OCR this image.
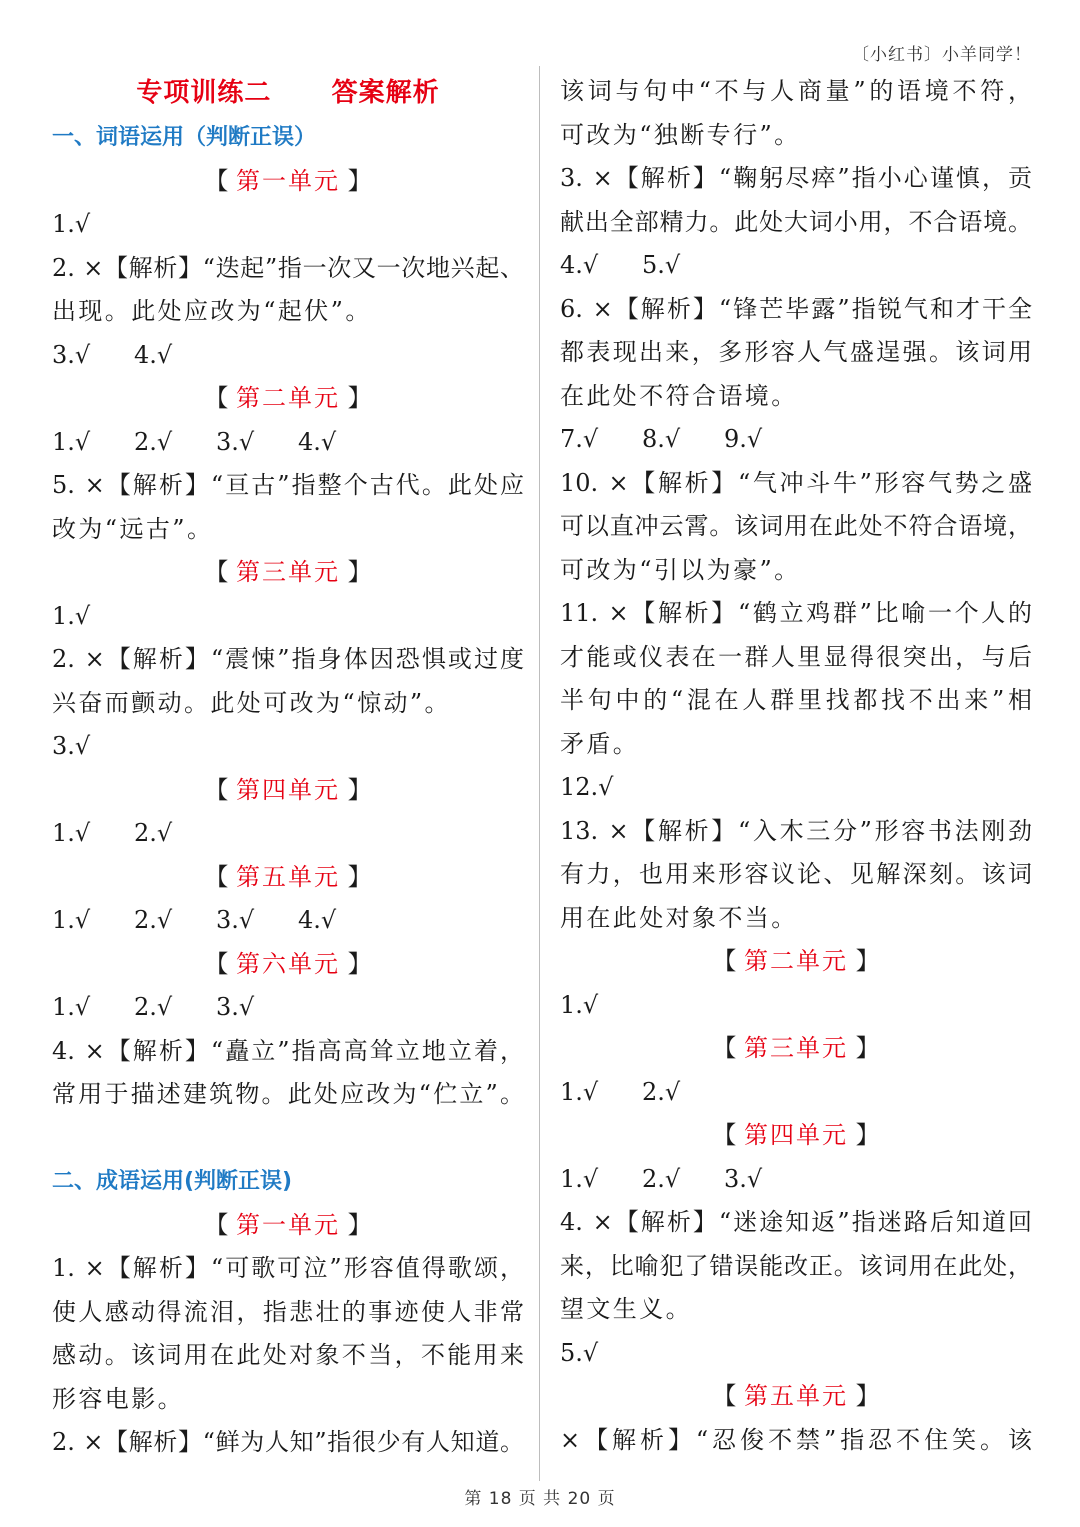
〔小红书〕小羊同学！
专项训练二      答案解析
一、词语运用（判断正误）
【 第一单元 】
1.√
2. ×【解析】“迭起”指一次又一次地兴起、
出现。此处应改为“起伏”。
3.√ 4.√
【 第二单元 】
1.√ 2.√ 3.√ 4.√
5. ×【解析】“亘古”指整个古代。此处应
改为“远古”。
【 第三单元 】
1.√
2. ×【解析】“震悚”指身体因恐惧或过度
兴奋而颤动。此处可改为“惊动”。
3.√
【 第四单元 】
1.√ 2.√
【 第五单元 】
1.√ 2.√ 3.√ 4.√
【 第六单元 】
1.√ 2.√ 3.√
4. ×【解析】“矗立”指高高耸立地立着，
常用于描述建筑物。此处应改为“伫立”。
二、成语运用(判断正误)
【 第一单元 】
1. ×【解析】“可歌可泣”形容值得歌颂，
使人感动得流泪，指悲壮的事迹使人非常
感动。该词用在此处对象不当，不能用来
形容电影。
2. ×【解析】“鲜为人知”指很少有人知道。
该词与句中“不与人商量”的语境不符，
可改为“独断专行”。
3. ×【解析】“鞠躬尽瘁”指小心谨慎，贡
献出全部精力。此处大词小用，不合语境。
4.√ 5.√
6. ×【解析】“锋芒毕露”指锐气和才干全
都表现出来，多形容人气盛逞强。该词用
在此处不符合语境。
7.√ 8.√ 9.√
10. ×【解析】“气冲斗牛”形容气势之盛
可以直冲云霄。该词用在此处不符合语境，
可改为“引以为豪”。
11. ×【解析】“鹤立鸡群”比喻一个人的
才能或仪表在一群人里显得很突出，与后
半句中的“混在人群里找都找不出来”相
矛盾。
12.√
13. ×【解析】“入木三分”形容书法刚劲
有力，也用来形容议论、见解深刻。该词
用在此处对象不当。
【 第二单元 】
1.√
【 第三单元 】
1.√ 2.√
【 第四单元 】
1.√ 2.√ 3.√
4. ×【解析】“迷途知返”指迷路后知道回
来，比喻犯了错误能改正。该词用在此处，
望文生义。
5.√
【 第五单元 】
×【解析】“忍俊不禁”指忍不住笑。该
第 18 页 共 20 页
